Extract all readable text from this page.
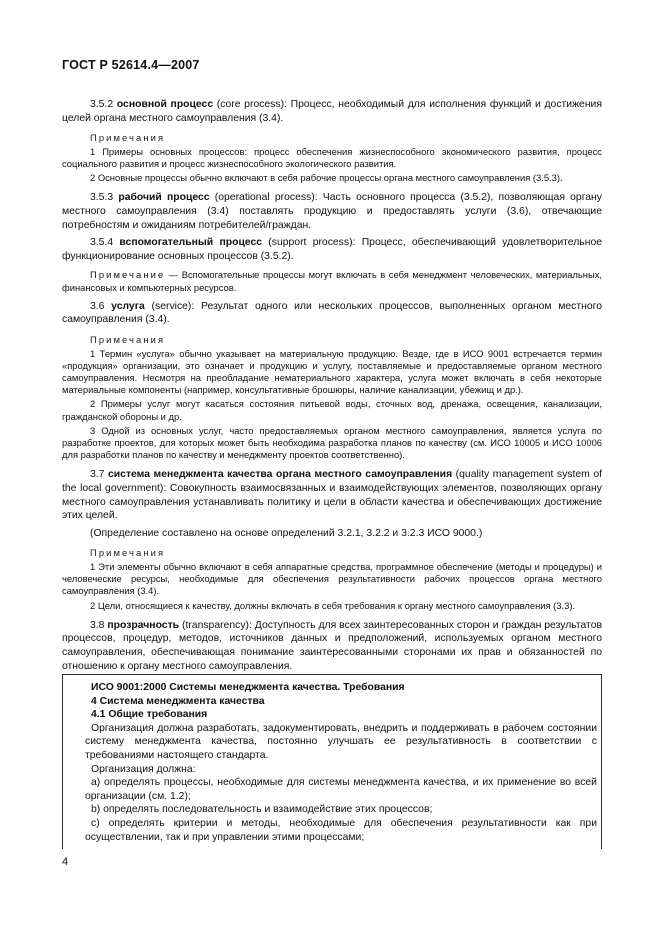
ГОСТ Р 52614.4—2007

3.5.2 основной процесс (core process): Процесс, необходимый для исполнения функций и достижения целей органа местного самоуправления (3.4).

Примечания

1 Примеры основных процессов: процесс обеспечения жизнеспособного экономического развития, процесс социального развития и процесс жизнеспособного экологического развития.

2 Основные процессы обычно включают в себя рабочие процессы органа местного самоуправления (3.5.3).

3.5.3 рабочий процесс (operational process): Часть основного процесса (3.5.2), позволяющая органу местного самоуправления (3.4) поставлять продукцию и предоставлять услуги (3.6), отвечающие потребностям и ожиданиям потребителей/граждан.

3.5.4 вспомогательный процесс (support process): Процесс, обеспечивающий удовлетворительное функционирование основных процессов (3.5.2).

Примечание — Вспомогательные процессы могут включать в себя менеджмент человеческих, материальных, финансовых и компьютерных ресурсов.

3.6 услуга (service): Результат одного или нескольких процессов, выполненных органом местного самоуправления (3.4).

Примечания

1 Термин «услуга» обычно указывает на материальную продукцию. Везде, где в ИСО 9001 встречается термин «продукция» организации, это означает и продукцию и услугу, поставляемые и предоставляемые органом местного самоуправления. Несмотря на преобладание нематериального характера, услуга может включать в себя некоторые материальные компоненты (например, консультативные брошюры, наличие канализации, убежищ и др.).

2 Примеры услуг могут касаться состояния питьевой воды, сточных вод, дренажа, освещения, канализации, гражданской обороны и др.

3 Одной из основных услуг, часто предоставляемых органом местного самоуправления, является услуга по разработке проектов, для которых может быть необходима разработка планов по качеству (см. ИСО 10005 и ИСО 10006 для разработки планов по качеству и менеджменту проектов соответственно).

3.7 система менеджмента качества органа местного самоуправления (quality management system of the local government): Совокупность взаимосвязанных и взаимодействующих элементов, позволяющих органу местного самоуправления устанавливать политику и цели в области качества и обеспечивающих достижение этих целей.

(Определение составлено на основе определений 3.2.1, 3.2.2 и 3.2.3 ИСО 9000.)

Примечания

1 Эти элементы обычно включают в себя аппаратные средства, программное обеспечение (методы и процедуры) и человеческие ресурсы, необходимые для обеспечения результативности рабочих процессов органа местного самоуправления (3.4).

2 Цели, относящиеся к качеству, должны включать в себя требования к органу местного самоуправления (3.3).

3.8 прозрачность (transparency): Доступность для всех заинтересованных сторон и граждан результатов процессов, процедур, методов, источников данных и предположений, используемых органом местного самоуправления, обеспечивающая понимание заинтересованными сторонами их прав и обязанностей по отношению к органу местного самоуправления.

ИСО 9001:2000 Системы менеджмента качества. Требования

4 Система менеджмента качества

4.1 Общие требования

Организация должна разработать, задокументировать, внедрить и поддерживать в рабочем состоянии систему менеджмента качества, постоянно улучшать ее результативность в соответствии с требованиями настоящего стандарта.

Организация должна:

а) определять процессы, необходимые для системы менеджмента качества, и их применение во всей организации (см. 1.2);

b) определять последовательность и взаимодействие этих процессов;

с) определять критерии и методы, необходимые для обеспечения результативности как при осуществлении, так и при управлении этими процессами;

4
